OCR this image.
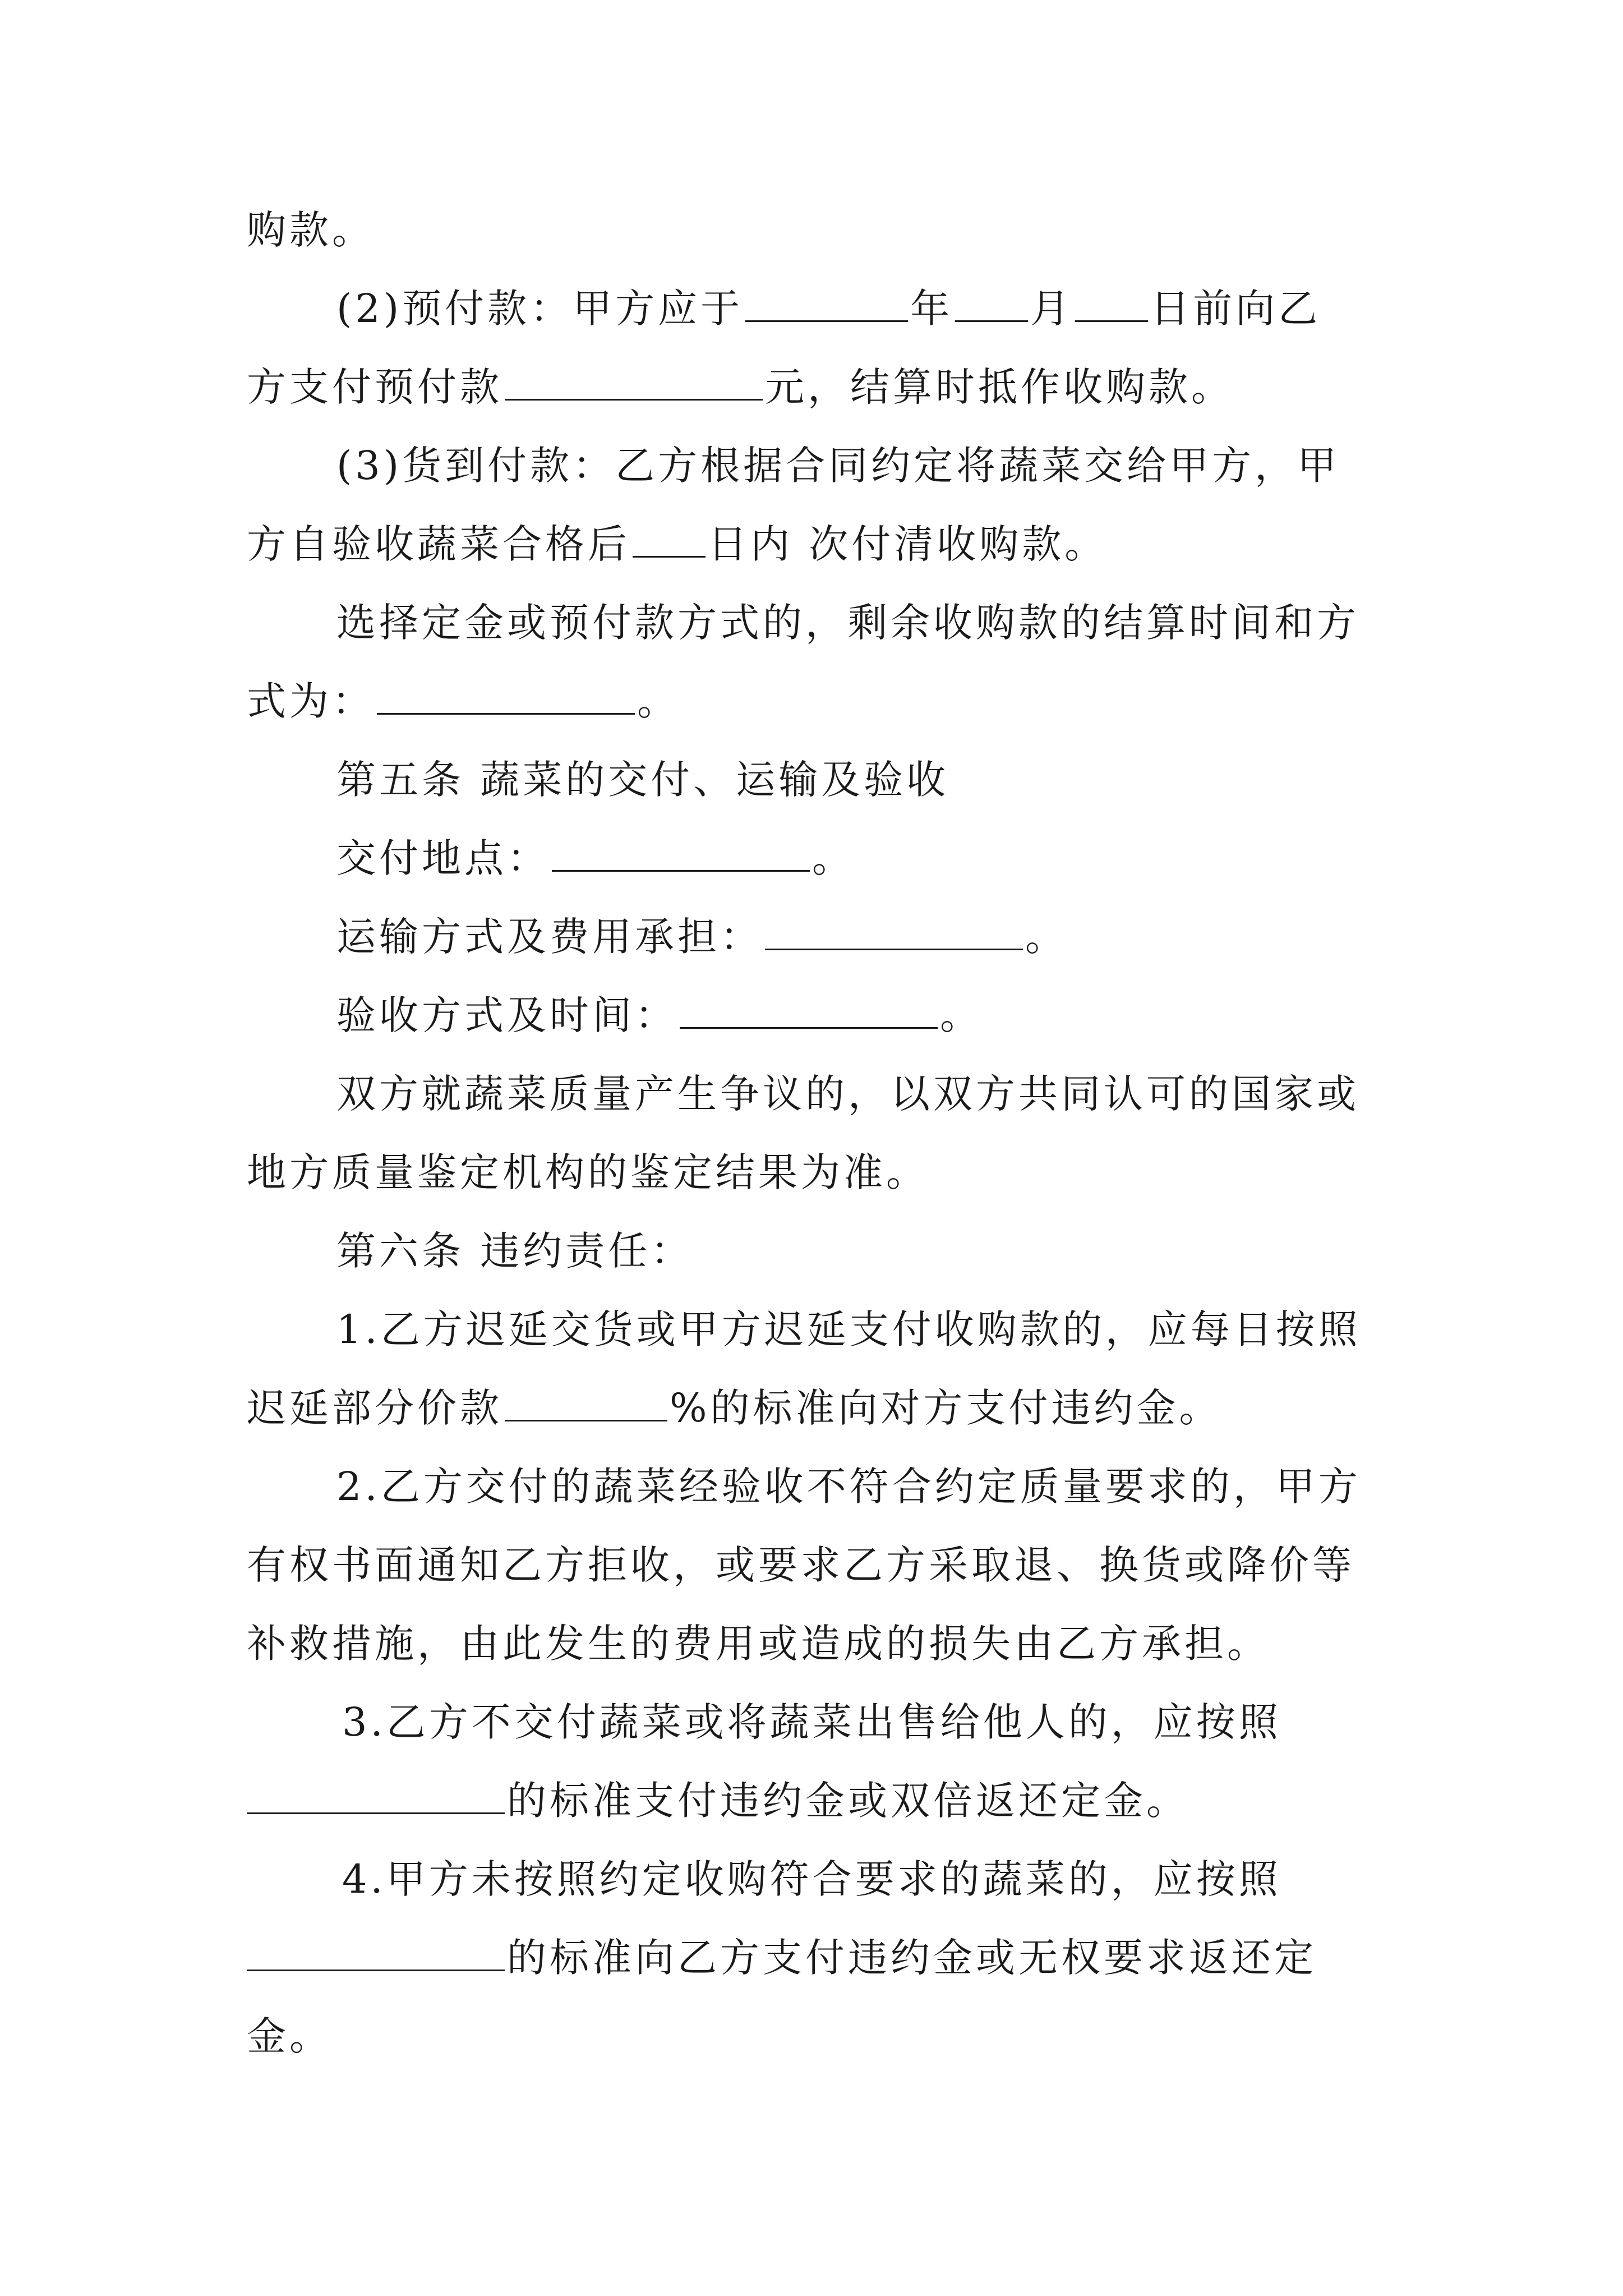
购款。
(2)预付款：甲方应于	年 月 日前向乙
方支付预付款	元，结算时抵作收购款。
(3)货到付款：乙方根据合同约定将蔬菜交给甲方，甲
方自验收蔬菜合格后 日内 次付清收购款。
选择定金或预付款方式的，剩余收购款的结算时间和方
式为：	。
第五条 蔬菜的交付、运输及验收
交付地点：	。
运输方式及费用承担：	。
验收方式及时间：	。
双方就蔬菜质量产生争议的，以双方共同认可的国家或
地方质量鉴定机构的鉴定结果为准。
第六条 违约责任：
1.乙方迟延交货或甲方迟延支付收购款的，应每日按照
迟延部分价款	%的标准向对方支付违约金。
2.乙方交付的蔬菜经验收不符合约定质量要求的，甲方
有权书面通知乙方拒收，或要求乙方采取退、换货或降价等
补救措施，由此发生的费用或造成的损失由乙方承担。
3.乙方不交付蔬菜或将蔬菜出售给他人的，应按照
的标准支付违约金或双倍返还定金。
4.甲方未按照约定收购符合要求的蔬菜的，应按照
的标准向乙方支付违约金或无权要求返还定
金。
